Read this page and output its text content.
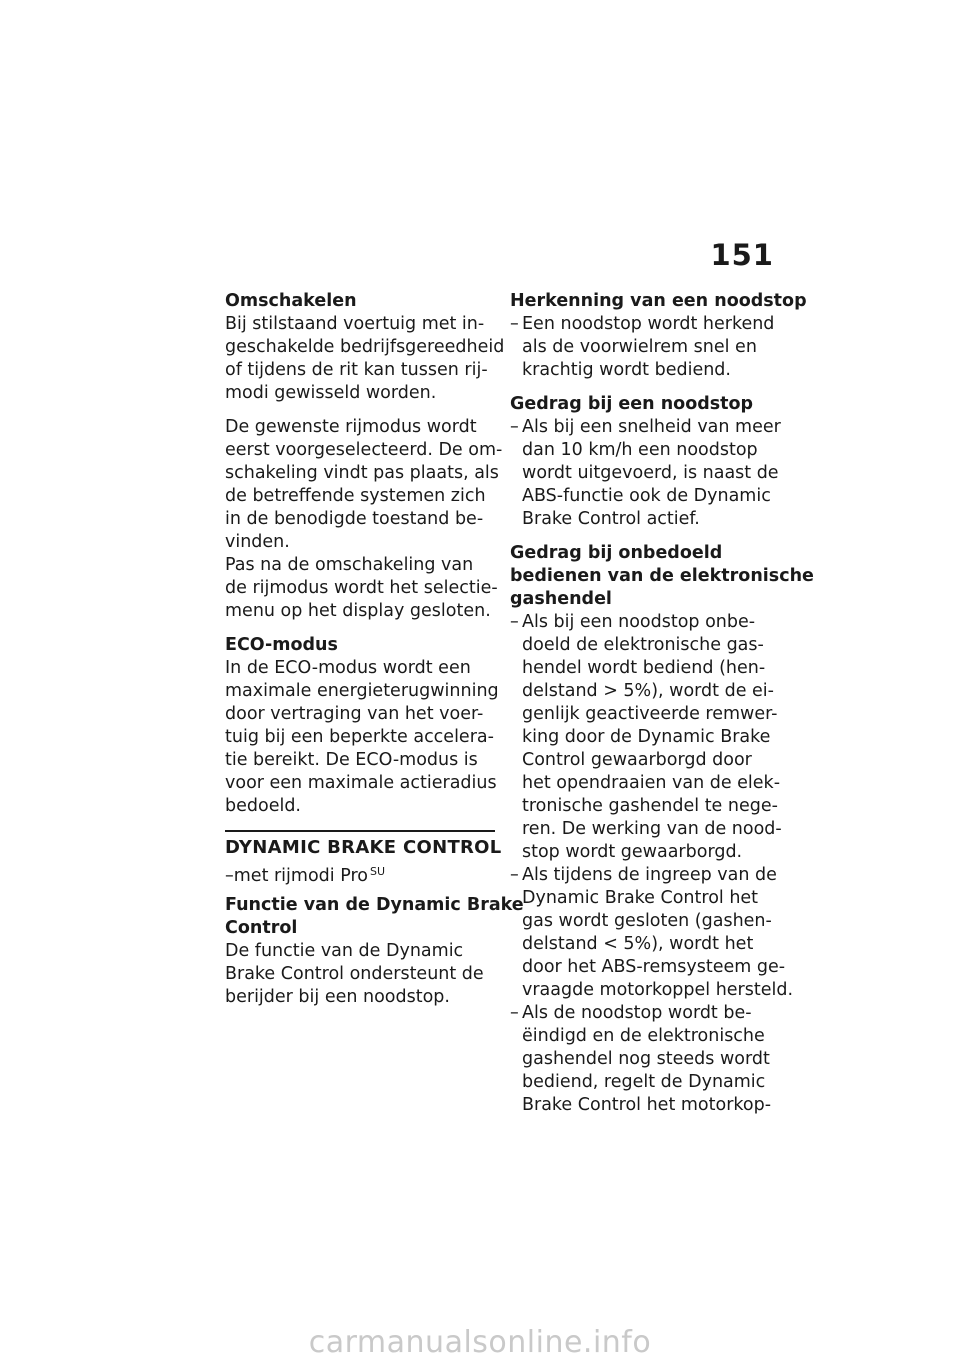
151

Omschakelen

Bij stilstaand voertuig met in-

geschakelde bedrijfsgereedheid

of tijdens de rit kan tussen rij-

modi gewisseld worden.

De gewenste rijmodus wordt

eerst voorgeselecteerd. De om-

schakeling vindt pas plaats, als

de betreffende systemen zich

in de benodigde toestand be-

vinden.

Pas na de omschakeling van

de rijmodus wordt het selectie-

menu op het display gesloten.

ECO-modus

In de ECO-modus wordt een

maximale energieterugwinning

door vertraging van het voer-

tuig bij een beperkte accelera-

tie bereikt. De ECO-modus is

voor een maximale actieradius

bedoeld.

DYNAMIC BRAKE CONTROL

–met rijmodi Pro $^{SU}$

Functie van de Dynamic Brake

Control

De functie van de Dynamic

Brake Control ondersteunt de

berijder bij een noodstop.

Herkenning van een noodstop

– Een noodstop wordt herkend
als de voorwielrem snel en
krachtig wordt bediend.

Gedrag bij een noodstop

– Als bij een snelheid van meer
dan 10 km/h een noodstop
wordt uitgevoerd, is naast de
ABS-functie ook de Dynamic
Brake Control actief.

Gedrag bij onbedoeld

bedienen van de elektronische

gashendel

– Als bij een noodstop onbe-
doeld de elektronische gas-
hendel wordt bediend (hen-
delstand > 5%), wordt de ei-
genlijk geactiveerde remwer-
king door de Dynamic Brake
Control gewaarborgd door
het opendraaien van de elek-
tronische gashendel te nege-
ren. De werking van de nood-
stop wordt gewaarborgd.
– Als tijdens de ingreep van de
Dynamic Brake Control het
gas wordt gesloten (gashen-
delstand < 5%), wordt het
door het ABS-remsysteem ge-
vraagde motorkoppel hersteld.
– Als de noodstop wordt be-
ëindigd en de elektronische
gashendel nog steeds wordt
bediend, regelt de Dynamic
Brake Control het motorkop-
carmanualsonline.info
